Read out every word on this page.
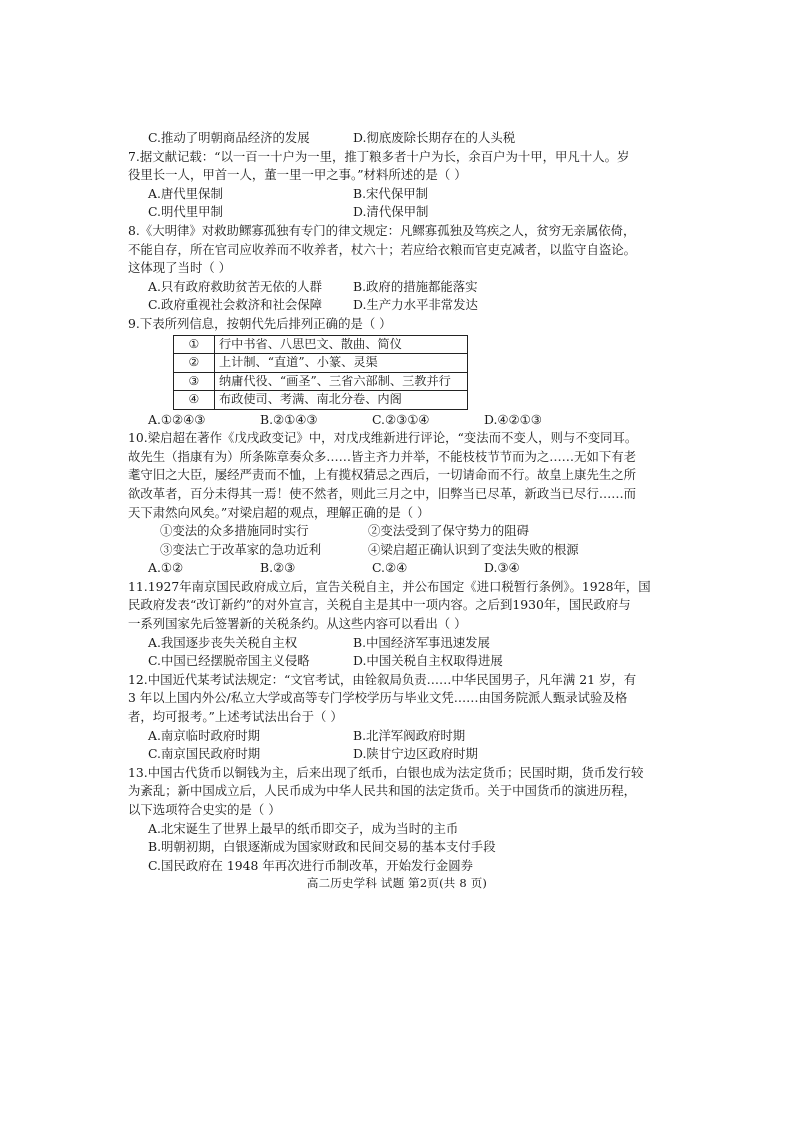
C.推动了明朝商品经济的发展	D.彻底废除长期存在的人头税

7.据文献记载：“以一百一十户为一里，推丁粮多者十户为长，余百户为十甲，甲凡十人。岁

役里长一人，甲首一人，董一里一甲之事。”材料所述的是（ ）

A.唐代里保制	B.宋代保甲制
C.明代里甲制	D.清代保甲制

8.《大明律》对救助鳏寡孤独有专门的律文规定：凡鳏寡孤独及笃疾之人，贫穷无亲属依倚，

不能自存，所在官司应收养而不收养者，杖六十；若应给衣粮而官吏克减者，以监守自盗论。

这体现了当时（ ）

A.只有政府救助贫苦无依的人群	B.政府的措施都能落实
C.政府重视社会救济和社会保障	D.生产力水平非常发达

9.下表所列信息，按朝代先后排列正确的是（ ）

①	行中书省、八思巴文、散曲、简仪
②	上计制、“直道”、小篆、灵渠
③	纳庸代役、“画圣”、三省六部制、三教并行
④	布政使司、考满、南北分卷、内阁
A.①②④③	B.②①④③	C.②③①④	D.④②①③

10.梁启超在著作《戊戌政变记》中，对戊戌维新进行评论，“变法而不变人，则与不变同耳。

故先生（指康有为）所条陈章奏众多……皆主齐力并举，不能枝枝节节而为之……无如下有老

耄守旧之大臣，屡经严责而不恤，上有揽权猜忌之西后，一切请命而不行。故皇上康先生之所

欲改革者，百分未得其一焉！使不然者，则此三月之中，旧弊当已尽革，新政当已尽行……而

天下肃然向风矣。”对梁启超的观点，理解正确的是（ ）

①变法的众多措施同时实行	②变法受到了保守势力的阻碍
③变法亡于改革家的急功近利	④梁启超正确认识到了变法失败的根源
A.①②	B.②③	C.②④	D.③④

11.1927年南京国民政府成立后，宣告关税自主，并公布国定《进口税暂行条例》。1928年，国

民政府发表“改订新约”的对外宣言，关税自主是其中一项内容。之后到1930年，国民政府与

一系列国家先后签署新的关税条约。从这些内容可以看出（ ）

A.我国逐步丧失关税自主权	B.中国经济军事迅速发展
C.中国已经摆脱帝国主义侵略	D.中国关税自主权取得进展

12.中国近代某考试法规定：“文官考试，由铨叙局负责……中华民国男子，凡年满 21 岁，有

3 年以上国内外公/私立大学或高等专门学校学历与毕业文凭……由国务院派人甄录试验及格

者，均可报考。”上述考试法出台于（ ）

A.南京临时政府时期	B.北洋军阀政府时期
C.南京国民政府时期	D.陕甘宁边区政府时期

13.中国古代货币以铜钱为主，后来出现了纸币，白银也成为法定货币；民国时期，货币发行较

为紊乱；新中国成立后，人民币成为中华人民共和国的法定货币。关于中国货币的演进历程，

以下选项符合史实的是（ ）

A.北宋诞生了世界上最早的纸币即交子，成为当时的主币

B.明朝初期，白银逐渐成为国家财政和民间交易的基本支付手段

C.国民政府在 1948 年再次进行币制改革，开始发行金圆券

高二历史学科 试题 第2页(共 8 页)
